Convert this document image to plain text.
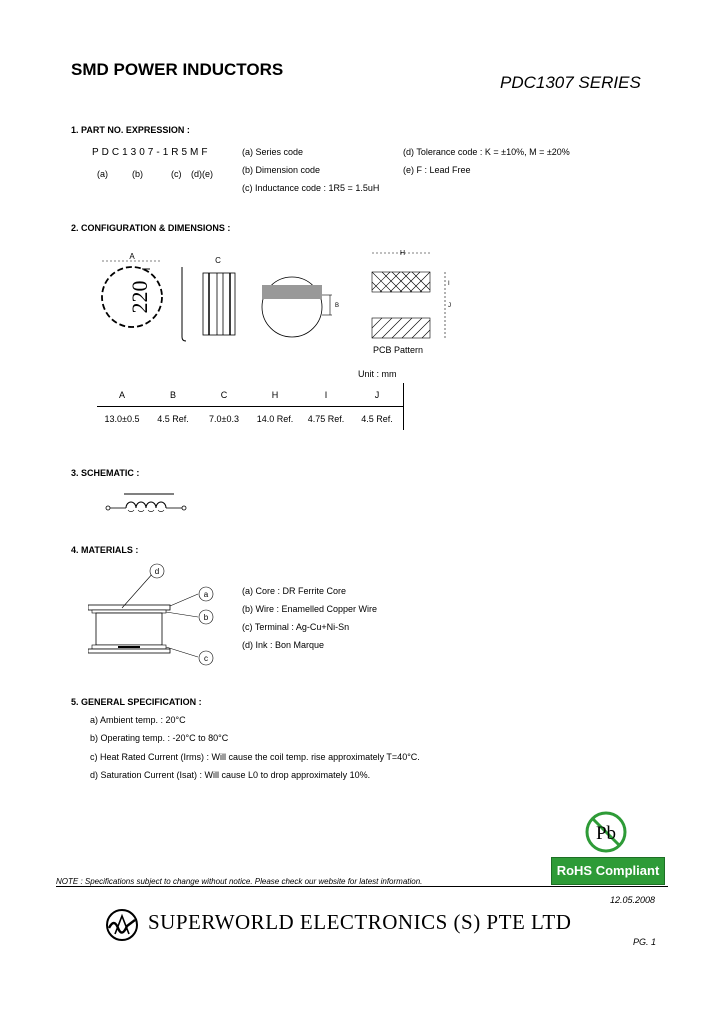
SMD POWER INDUCTORS
PDC1307 SERIES
1. PART NO. EXPRESSION :
PDC1307-1R5MF
(a)	(b)	(c) (d)(e)
(a) Series code
(b) Dimension code
(c) Inductance code : 1R5 = 1.5uH
(d) Tolerance code : K = ±10%, M = ±20%
(e) F : Lead Free
2. CONFIGURATION & DIMENSIONS :
A
220
C
B
H
I
J
PCB Pattern
Unit : mm
A	B	C	H	I	J
13.0±0.5	4.5 Ref.	7.0±0.3	14.0 Ref.	4.75 Ref.	4.5 Ref.
3. SCHEMATIC :
4. MATERIALS :
d
a
b
c
(a) Core : DR Ferrite Core
(b) Wire : Enamelled Copper Wire
(c) Terminal : Ag-Cu+Ni-Sn
(d) Ink : Bon Marque
5. GENERAL SPECIFICATION :
a) Ambient temp. : 20°C
b) Operating temp. : -20°C to 80°C
c) Heat Rated Current (Irms) : Will cause the coil temp. rise approximately T=40°C.
d) Saturation Current (Isat) : Will cause L0 to drop approximately 10%.
Pb
RoHS Compliant
NOTE : Specifications subject to change without notice. Please check our website for latest information.
12.05.2008
SUPERWORLD ELECTRONICS (S) PTE LTD
PG. 1
